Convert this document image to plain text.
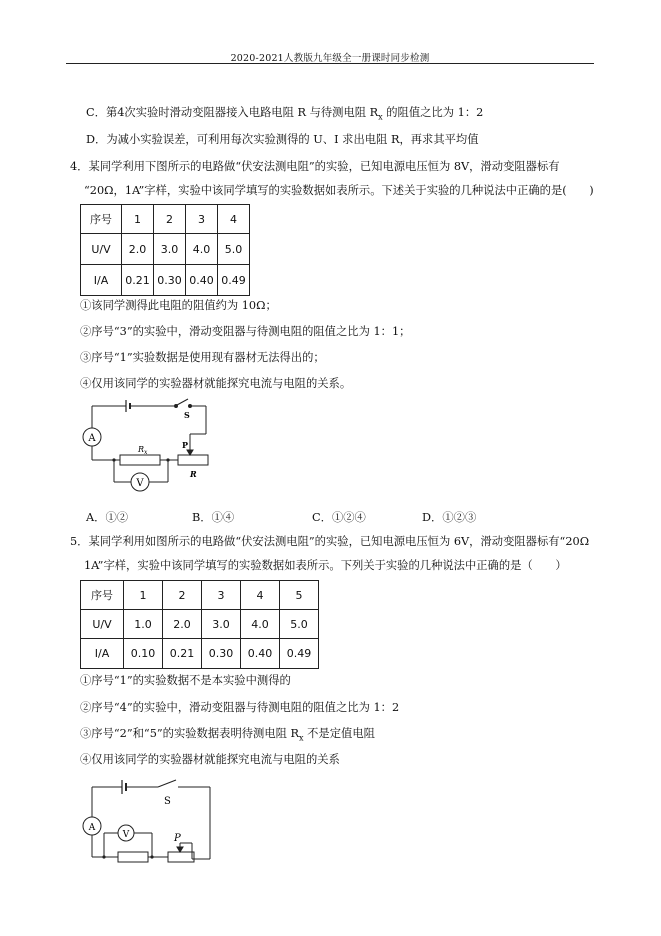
2020-2021人教版九年级全一册课时同步检测
C．第4次实验时滑动变阻器接入电路电阻 R 与待测电阻 $R_x$ 的阻值之比为 1：2
D．为减小实验误差，可利用每次实验测得的 U、I 求出电阻 R，再求其平均值
4．某同学利用下图所示的电路做“伏安法测电阻”的实验，已知电源电压恒为 8V，滑动变阻器标有
“20Ω，1A”字样，实验中该同学填写的实验数据如表所示。下述关于实验的几种说法中正确的是(　　)
序号	1	2	3	4
U/V	2.0	3.0	4.0	5.0
I/A	0.21	0.30	0.40	0.49
①该同学测得此电阻的阻值约为 10Ω；
②序号“3”的实验中，滑动变阻器与待测电阻的阻值之比为 1：1；
③序号“1”实验数据是使用现有器材无法得出的；
④仅用该同学的实验器材就能探究电流与电阻的关系。
A
V
S
$R_x$
P
R
A．①②	B．①④	C．①②④	D．①②③
5．某同学利用如图所示的电路做“伏安法测电阻”的实验，已知电源电压恒为 6V，滑动变阻器标有“20Ω
1A”字样，实验中该同学填写的实验数据如表所示。下列关于实验的几种说法中正确的是（　　）
序号	1	2	3	4	5
U/V	1.0	2.0	3.0	4.0	5.0
I/A	0.10	0.21	0.30	0.40	0.49
①序号“1”的实验数据不是本实验中测得的
②序号“4”的实验中，滑动变阻器与待测电阻的阻值之比为 1：2
③序号“2”和“5”的实验数据表明待测电阻 $R_x$ 不是定值电阻
④仅用该同学的实验器材就能探究电流与电阻的关系
A
V
S
P
